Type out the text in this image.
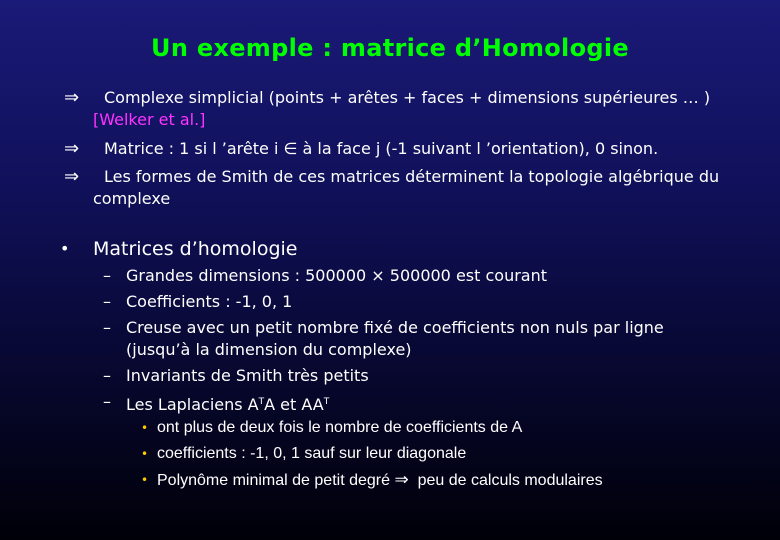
Un exemple : matrice d’Homologie
⇒ Complexe simplicial (points + arêtes + faces + dimensions supérieures … )
[Welker et al.]
⇒ Matrice : 1 si l ’arête i ∈ à la face j (-1 suivant l ’orientation), 0 sinon.
⇒ Les formes de Smith de ces matrices déterminent la topologie algébrique du
complexe
• Matrices d’homologie
– Grandes dimensions : 500000 × 500000 est courant
– Coefficients : -1, 0, 1
– Creuse avec un petit nombre fixé de coefficients non nuls par ligne
(jusqu’à la dimension du complexe)
– Invariants de Smith très petits
– Les Laplaciens $A^TA$ et $AA^T$
• ont plus de deux fois le nombre de coefficients de A
• coefficients : -1, 0, 1 sauf sur leur diagonale
• Polynôme minimal de petit degré ⇒ peu de calculs modulaires
